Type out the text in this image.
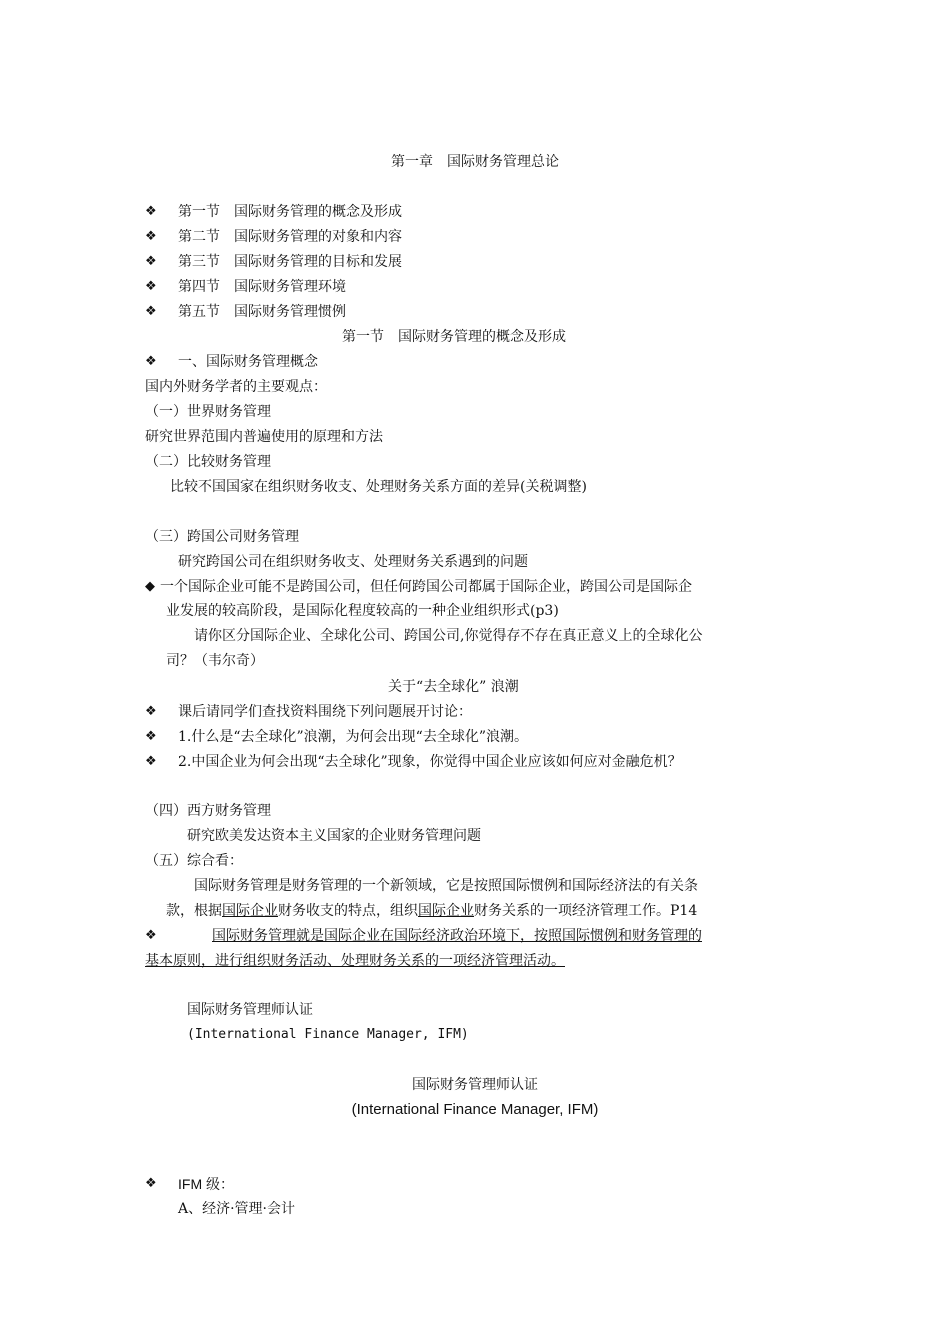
第一章　国际财务管理总论
❖ 第一节　国际财务管理的概念及形成
❖ 第二节　国际财务管理的对象和内容
❖ 第三节　国际财务管理的目标和发展
❖ 第四节　国际财务管理环境
❖ 第五节　国际财务管理惯例
第一节　国际财务管理的概念及形成
❖ 一、国际财务管理概念
国内外财务学者的主要观点：
（一）世界财务管理
研究世界范围内普遍使用的原理和方法
（二）比较财务管理
比较不国国家在组织财务收支、处理财务关系方面的差异(关税调整)
（三）跨国公司财务管理
研究跨国公司在组织财务收支、处理财务关系遇到的问题
◆ 一个国际企业可能不是跨国公司，但任何跨国公司都属于国际企业，跨国公司是国际企
业发展的较高阶段，是国际化程度较高的一种企业组织形式(p3)
请你区分国际企业、全球化公司、跨国公司,你觉得存不存在真正意义上的全球化公
司？（韦尔奇）
关于“去全球化” 浪潮
❖ 课后请同学们查找资料围绕下列问题展开讨论：
❖ 1.什么是“去全球化”浪潮，为何会出现“去全球化”浪潮。
❖ 2.中国企业为何会出现“去全球化”现象，你觉得中国企业应该如何应对金融危机？
（四）西方财务管理
研究欧美发达资本主义国家的企业财务管理问题
（五）综合看：
国际财务管理是财务管理的一个新领域，它是按照国际惯例和国际经济法的有关条
款，根据国际企业财务收支的特点，组织国际企业财务关系的一项经济管理工作。P14
❖	国际财务管理就是国际企业在国际经济政治环境下，按照国际惯例和财务管理的
基本原则，进行组织财务活动、处理财务关系的一项经济管理活动。
国际财务管理师认证
(International Finance Manager, IFM)
国际财务管理师认证
(International Finance Manager, IFM)
❖ IFM 级：
A、经济·管理·会计
